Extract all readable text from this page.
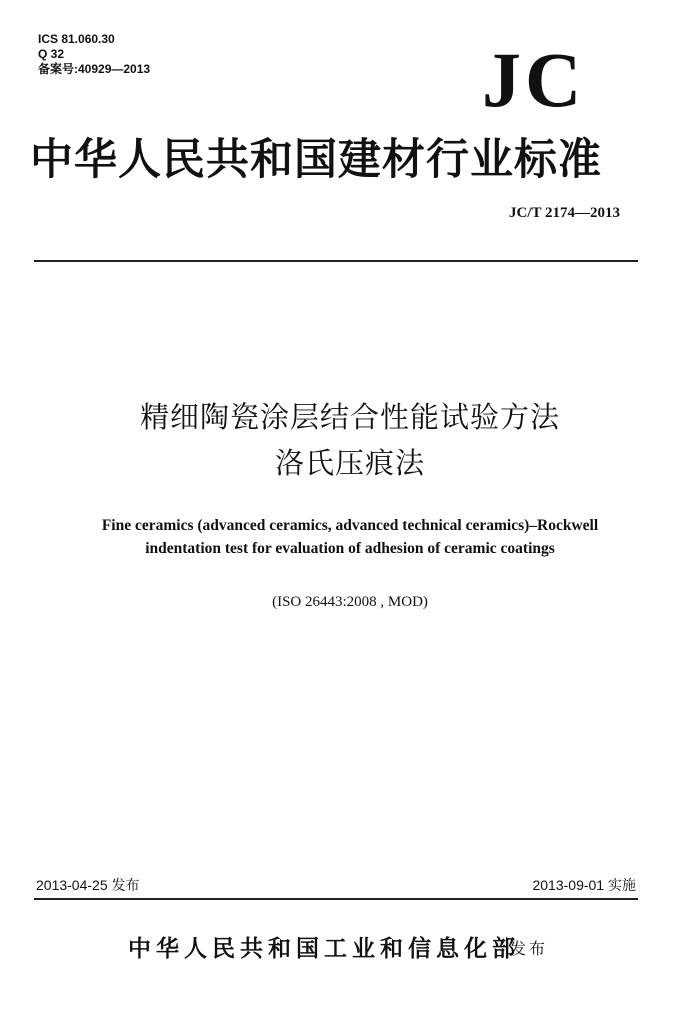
ICS 81.060.30
Q 32
备案号:40929—2013	JC
中华人民共和国建材行业标准
JC/T 2174—2013
精细陶瓷涂层结合性能试验方法
洛氏压痕法
Fine ceramics (advanced ceramics, advanced technical ceramics)–Rockwell
indentation test for evaluation of adhesion of ceramic coatings
(ISO 26443:2008 , MOD)
2013-04-25 发布	2013-09-01 实施
中华人民共和国工业和信息化部
发布
